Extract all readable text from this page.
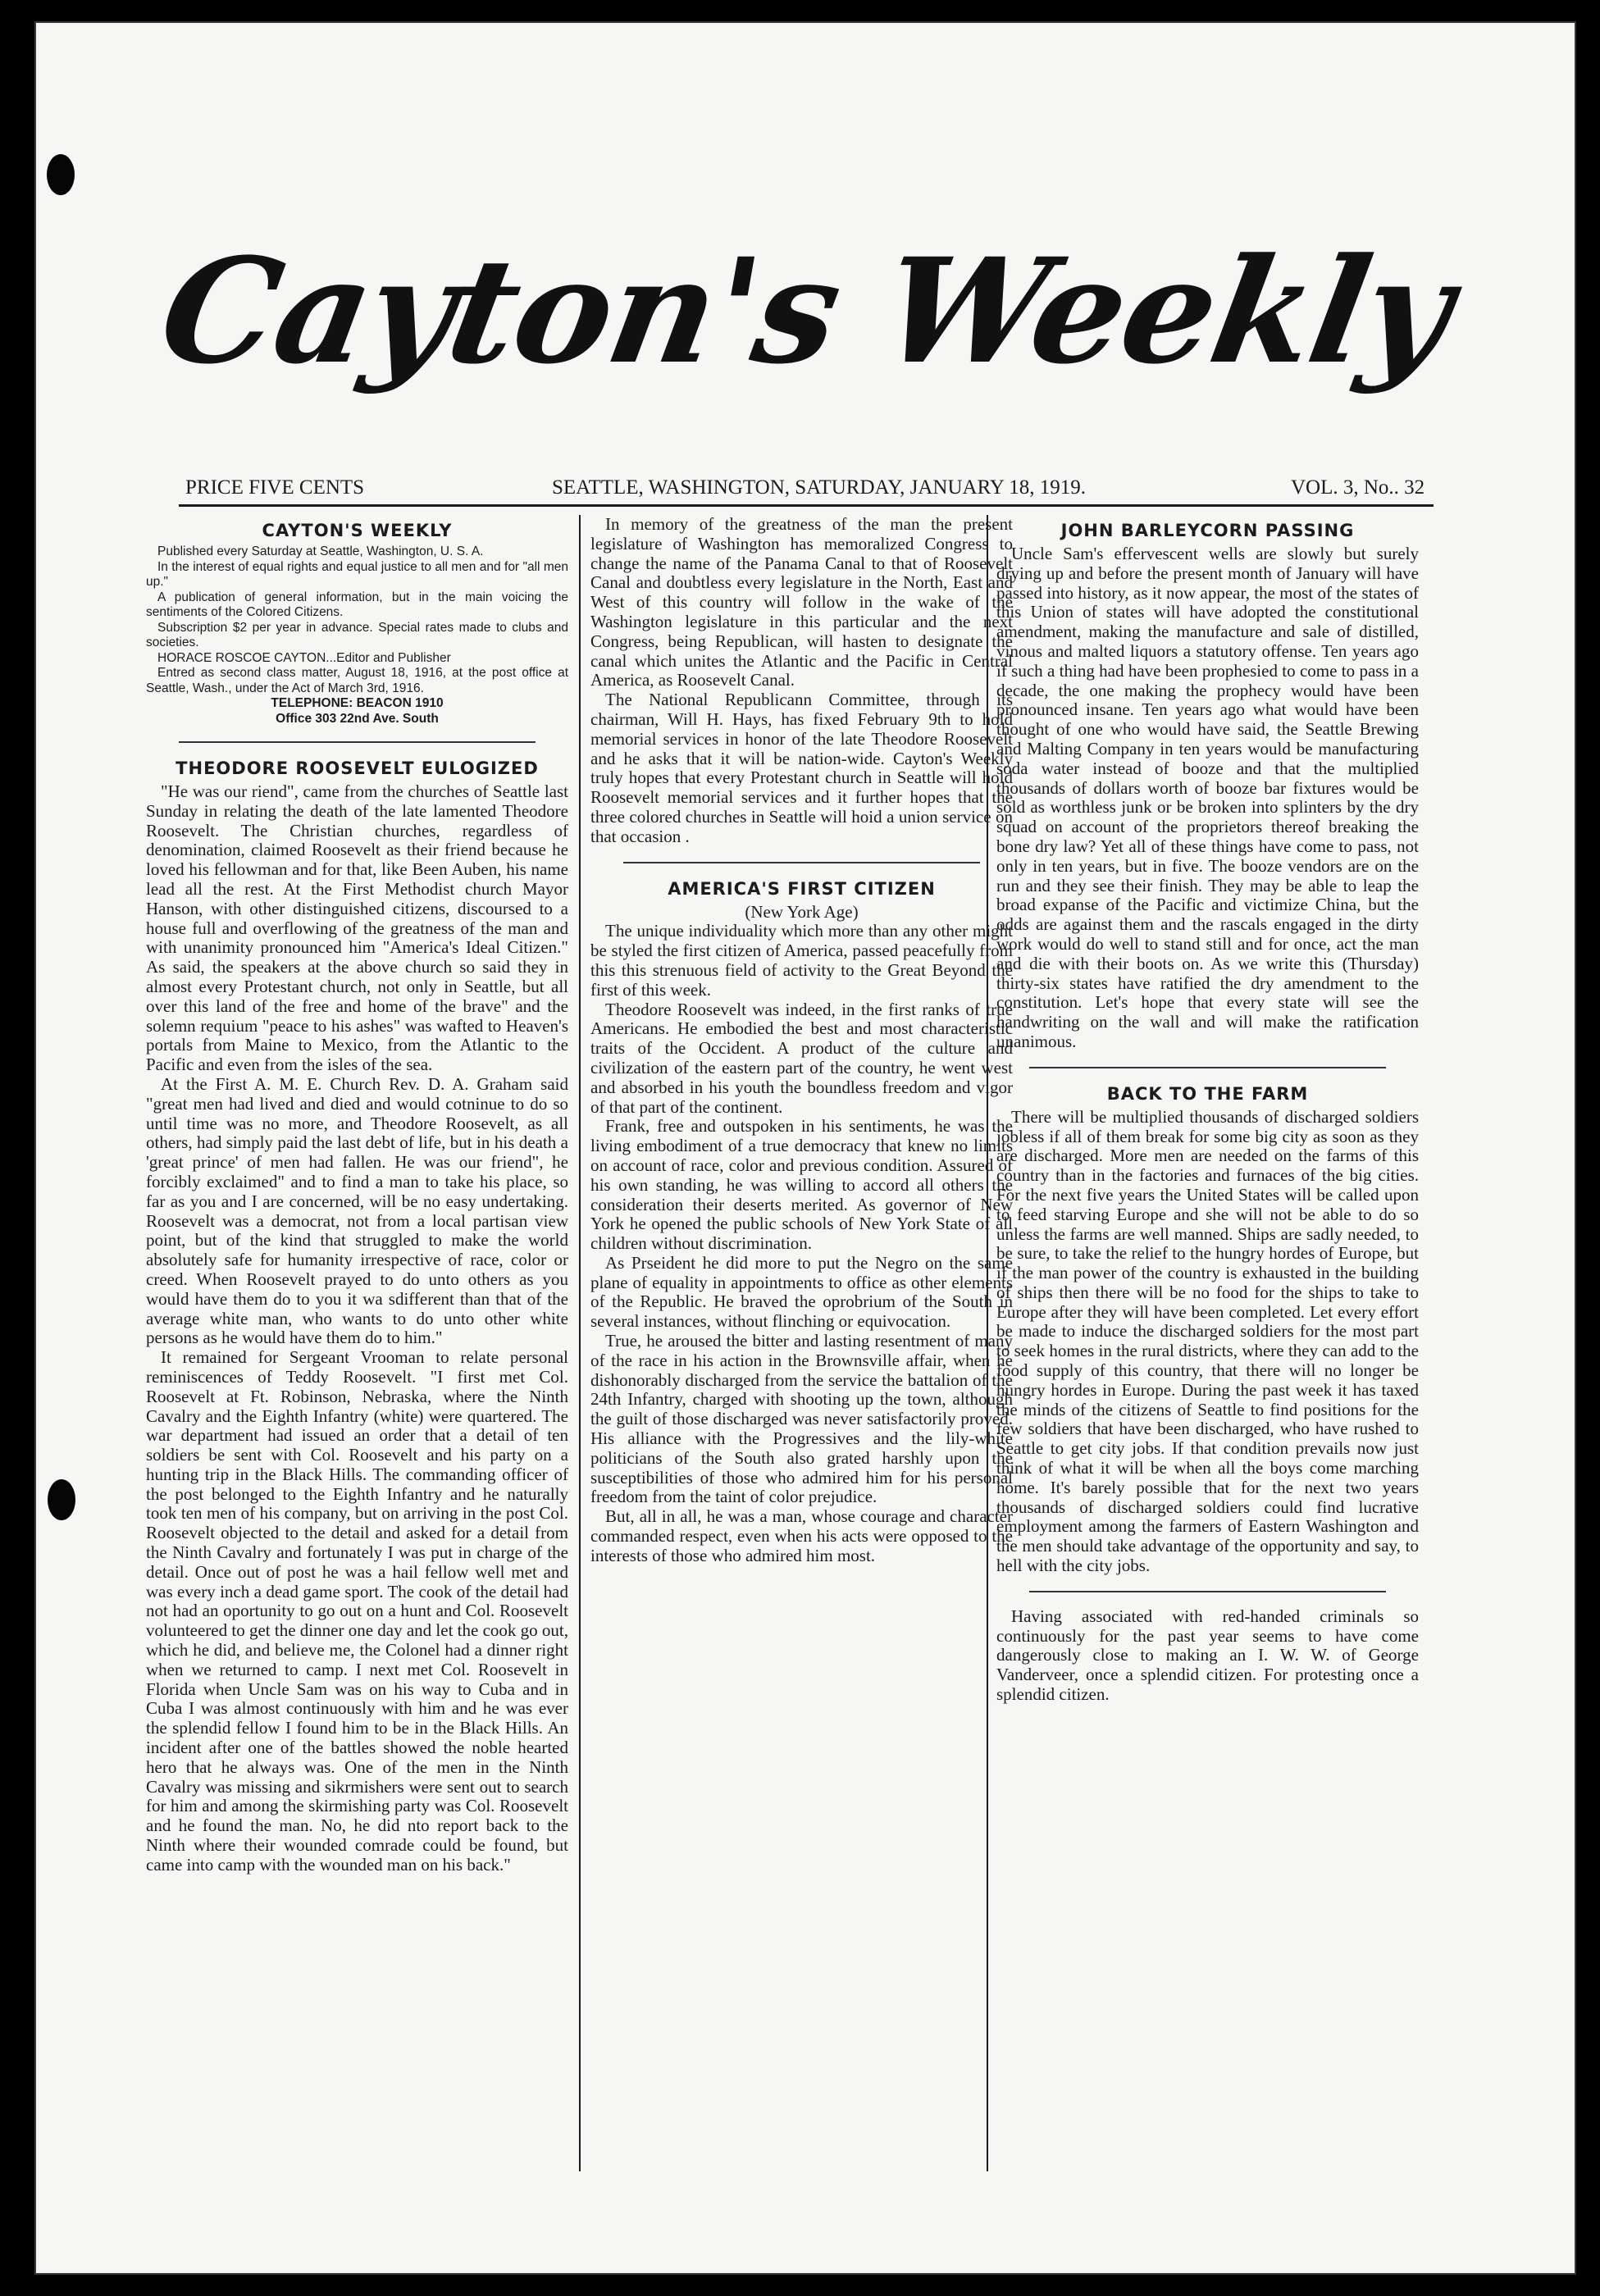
Cayton's Weekly
PRICE FIVE CENTS	SEATTLE, WASHINGTON, SATURDAY, JANUARY 18, 1919.	VOL. 3, No.. 32
CAYTON'S WEEKLY

Published every Saturday at Seattle, Washington, U. S. A.

In the interest of equal rights and equal justice to all men and for "all men up."

A publication of general information, but in the main voicing the sentiments of the Colored Citizens.

Subscription $2 per year in advance. Special rates made to clubs and societies.

HORACE ROSCOE CAYTON...Editor and Publisher

Entred as second class matter, August 18, 1916, at the post office at Seattle, Wash., under the Act of March 3rd, 1916.

TELEPHONE: BEACON 1910

Office 303 22nd Ave. South

THEODORE ROOSEVELT EULOGIZED

"He was our riend", came from the churches of Seattle last Sunday in relating the death of the late lamented Theodore Roosevelt. The Christian churches, regardless of denomination, claimed Roosevelt as their friend because he loved his fellowman and for that, like Been Auben, his name lead all the rest. At the First Methodist church Mayor Hanson, with other distinguished citizens, discoursed to a house full and overflowing of the greatness of the man and with unanimity pronounced him "America's Ideal Citizen." As said, the speakers at the above church so said they in almost every Protestant church, not only in Seattle, but all over this land of the free and home of the brave" and the solemn requium "peace to his ashes" was wafted to Heaven's portals from Maine to Mexico, from the Atlantic to the Pacific and even from the isles of the sea.

At the First A. M. E. Church Rev. D. A. Graham said "great men had lived and died and would cotninue to do so until time was no more, and Theodore Roosevelt, as all others, had simply paid the last debt of life, but in his death a 'great prince' of men had fallen. He was our friend", he forcibly exclaimed" and to find a man to take his place, so far as you and I are concerned, will be no easy undertaking. Roosevelt was a democrat, not from a local partisan view point, but of the kind that struggled to make the world absolutely safe for humanity irrespective of race, color or creed. When Roosevelt prayed to do unto others as you would have them do to you it wa sdifferent than that of the average white man, who wants to do unto other white persons as he would have them do to him."

It remained for Sergeant Vrooman to relate personal reminiscences of Teddy Roosevelt. "I first met Col. Roosevelt at Ft. Robinson, Nebraska, where the Ninth Cavalry and the Eighth Infantry (white) were quartered. The war department had issued an order that a detail of ten soldiers be sent with Col. Roosevelt and his party on a hunting trip in the Black Hills. The commanding officer of the post belonged to the Eighth Infantry and he naturally took ten men of his company, but on arriving in the post Col. Roosevelt objected to the detail and asked for a detail from the Ninth Cavalry and fortunately I was put in charge of the detail. Once out of post he was a hail fellow well met and was every inch a dead game sport. The cook of the detail had not had an oportunity to go out on a hunt and Col. Roosevelt volunteered to get the dinner one day and let the cook go out, which he did, and believe me, the Colonel had a dinner right when we returned to camp. I next met Col. Roosevelt in Florida when Uncle Sam was on his way to Cuba and in Cuba I was almost continuously with him and he was ever the splendid fellow I found him to be in the Black Hills. An incident after one of the battles showed the noble hearted hero that he always was. One of the men in the Ninth Cavalry was missing and sikrmishers were sent out to search for him and among the skirmishing party was Col. Roosevelt and he found the man. No, he did nto report back to the Ninth where their wounded comrade could be found, but came into camp with the wounded man on his back."

In memory of the greatness of the man the present legislature of Washington has memoralized Congress to change the name of the Panama Canal to that of Roosevelt Canal and doubtless every legislature in the North, East and West of this country will follow in the wake of the Washington legislature in this particular and the next Congress, being Republican, will hasten to designate the canal which unites the Atlantic and the Pacific in Central America, as Roosevelt Canal.

The National Republicann Committee, through its chairman, Will H. Hays, has fixed February 9th to hold memorial services in honor of the late Theodore Roosevelt and he asks that it will be nation-wide. Cayton's Weekly truly hopes that every Protestant church in Seattle will hold Roosevelt memorial services and it further hopes that the three colored churches in Seattle will hoid a union service on that occasion .

AMERICA'S FIRST CITIZEN

(New York Age)

The unique individuality which more than any other might be styled the first citizen of America, passed peacefully from this this strenuous field of activity to the Great Beyond the first of this week.

Theodore Roosevelt was indeed, in the first ranks of true Americans. He embodied the best and most characteristic traits of the Occident. A product of the culture and civilization of the eastern part of the country, he went west and absorbed in his youth the boundless freedom and vigor of that part of the continent.

Frank, free and outspoken in his sentiments, he was the living embodiment of a true democracy that knew no limits on account of race, color and previous condition. Assured of his own standing, he was willing to accord all others the consideration their deserts merited. As governor of New York he opened the public schools of New York State of all children without discrimination.

As Prseident he did more to put the Negro on the same plane of equality in appointments to office as other elements of the Republic. He braved the oprobrium of the South in several instances, without flinching or equivocation.

True, he aroused the bitter and lasting resentment of many of the race in his action in the Brownsville affair, when he dishonorably discharged from the service the battalion of the 24th Infantry, charged with shooting up the town, although the guilt of those discharged was never satisfactorily proved. His alliance with the Progressives and the lily-white politicians of the South also grated harshly upon the susceptibilities of those who admired him for his personal freedom from the taint of color prejudice.

But, all in all, he was a man, whose courage and character commanded respect, even when his acts were opposed to the interests of those who admired him most.

JOHN BARLEYCORN PASSING

Uncle Sam's effervescent wells are slowly but surely drying up and before the present month of January will have passed into history, as it now appear, the most of the states of this Union of states will have adopted the constitutional amendment, making the manufacture and sale of distilled, vinous and malted liquors a statutory offense. Ten years ago if such a thing had have been prophesied to come to pass in a decade, the one making the prophecy would have been pronounced insane. Ten years ago what would have been thought of one who would have said, the Seattle Brewing and Malting Company in ten years would be manufacturing soda water instead of booze and that the multiplied thousands of dollars worth of booze bar fixtures would be sold as worthless junk or be broken into splinters by the dry squad on account of the proprietors thereof breaking the bone dry law? Yet all of these things have come to pass, not only in ten years, but in five. The booze vendors are on the run and they see their finish. They may be able to leap the broad expanse of the Pacific and victimize China, but the odds are against them and the rascals engaged in the dirty work would do well to stand still and for once, act the man and die with their boots on. As we write this (Thursday) thirty-six states have ratified the dry amendment to the constitution. Let's hope that every state will see the handwriting on the wall and will make the ratification unanimous.

BACK TO THE FARM

There will be multiplied thousands of discharged soldiers jobless if all of them break for some big city as soon as they are discharged. More men are needed on the farms of this country than in the factories and furnaces of the big cities. For the next five years the United States will be called upon to feed starving Europe and she will not be able to do so unless the farms are well manned. Ships are sadly needed, to be sure, to take the relief to the hungry hordes of Europe, but if the man power of the country is exhausted in the building of ships then there will be no food for the ships to take to Europe after they will have been completed. Let every effort be made to induce the discharged soldiers for the most part to seek homes in the rural districts, where they can add to the food supply of this country, that there will no longer be hungry hordes in Europe. During the past week it has taxed the minds of the citizens of Seattle to find positions for the few soldiers that have been discharged, who have rushed to Seattle to get city jobs. If that condition prevails now just think of what it will be when all the boys come marching home. It's barely possible that for the next two years thousands of discharged soldiers could find lucrative employment among the farmers of Eastern Washington and the men should take advantage of the opportunity and say, to hell with the city jobs.

Having associated with red-handed criminals so continuously for the past year seems to have come dangerously close to making an I. W. W. of George Vanderveer, once a splendid citizen. For protesting once a splendid citizen.
